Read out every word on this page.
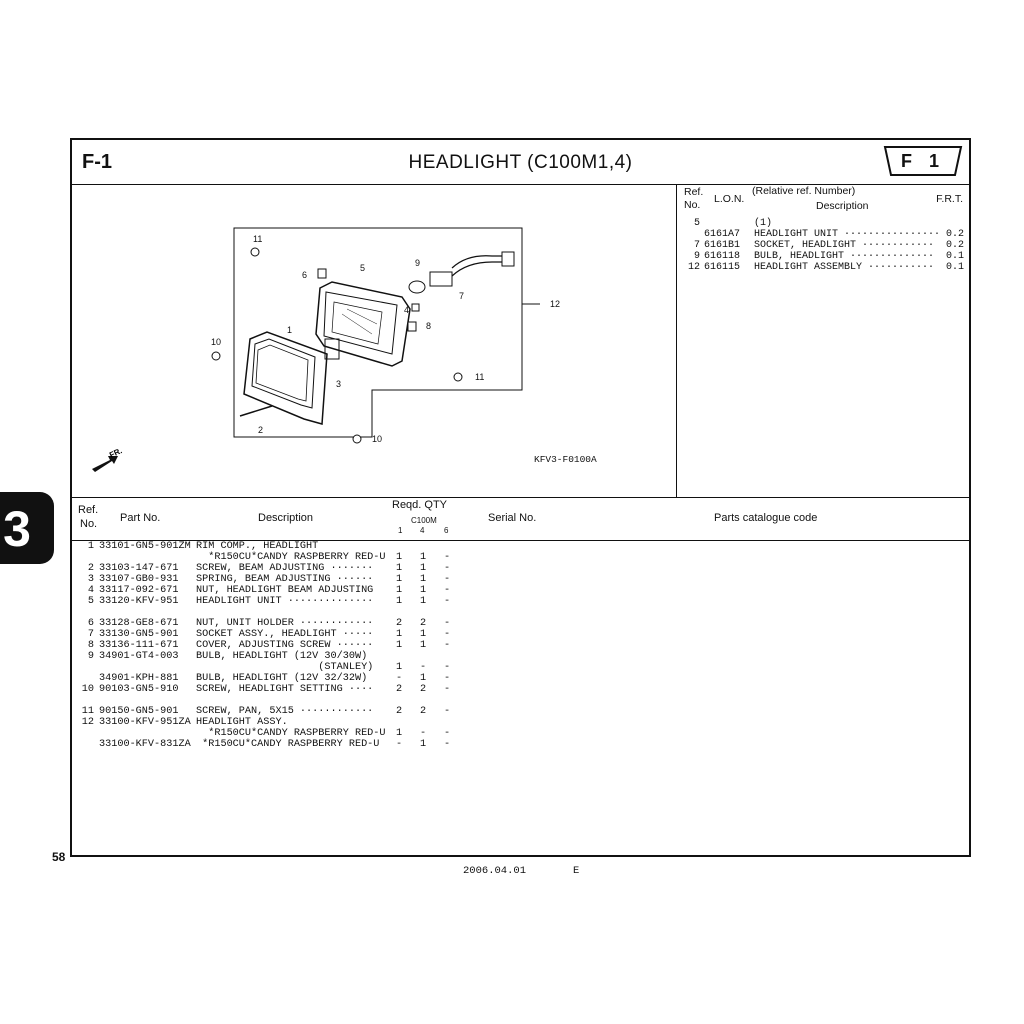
3
F-1	HEADLIGHT (C100M1,4)	F 1
FR.
1
2
3
4
5
6
7
8
9
10
10
11
11
12
KFV3-F0100A
Ref.
No. L.O.N.
(Relative ref. Number)
Description
F.R.T.
5	(1)
6161A7 HEADLIGHT UNIT ················ 0.2
7 6161B1 SOCKET, HEADLIGHT ············ 0.2
9 616118 BULB, HEADLIGHT ·············· 0.1
12 616115 HEADLIGHT ASSEMBLY ··········· 0.1
Ref.
No. Part No.	Description
Reqd. QTY
C100M
1 4 6
Serial No.	Parts catalogue code
1 33101-GN5-901ZM RIM COMP., HEADLIGHT
*R150CU*CANDY RASPBERRY RED-U	1	1	-
2 33103-147-671 SCREW, BEAM ADJUSTING ·······	1	1	-
3 33107-GB0-931 SPRING, BEAM ADJUSTING ······	1	1	-
4 33117-092-671 NUT, HEADLIGHT BEAM ADJUSTING	1	1	-
5 33120-KFV-951 HEADLIGHT UNIT ··············	1	1	-
6 33128-GE8-671 NUT, UNIT HOLDER ············	2	2	-
7 33130-GN5-901 SOCKET ASSY., HEADLIGHT ·····	1	1	-
8 33136-111-671 COVER, ADJUSTING SCREW ······	1	1	-
9 34901-GT4-003 BULB, HEADLIGHT (12V 30/30W)
(STANLEY)	1	-	-
34901-KPH-881 BULB, HEADLIGHT (12V 32/32W)	-	1	-
10 90103-GN5-910 SCREW, HEADLIGHT SETTING ····	2	2	-
11 90150-GN5-901 SCREW, PAN, 5X15 ············	2	2	-
12 33100-KFV-951ZA HEADLIGHT ASSY.
*R150CU*CANDY RASPBERRY RED-U	1	-	-
33100-KFV-831ZA *R150CU*CANDY RASPBERRY RED-U	-	1	-
58
2006.04.01	E
